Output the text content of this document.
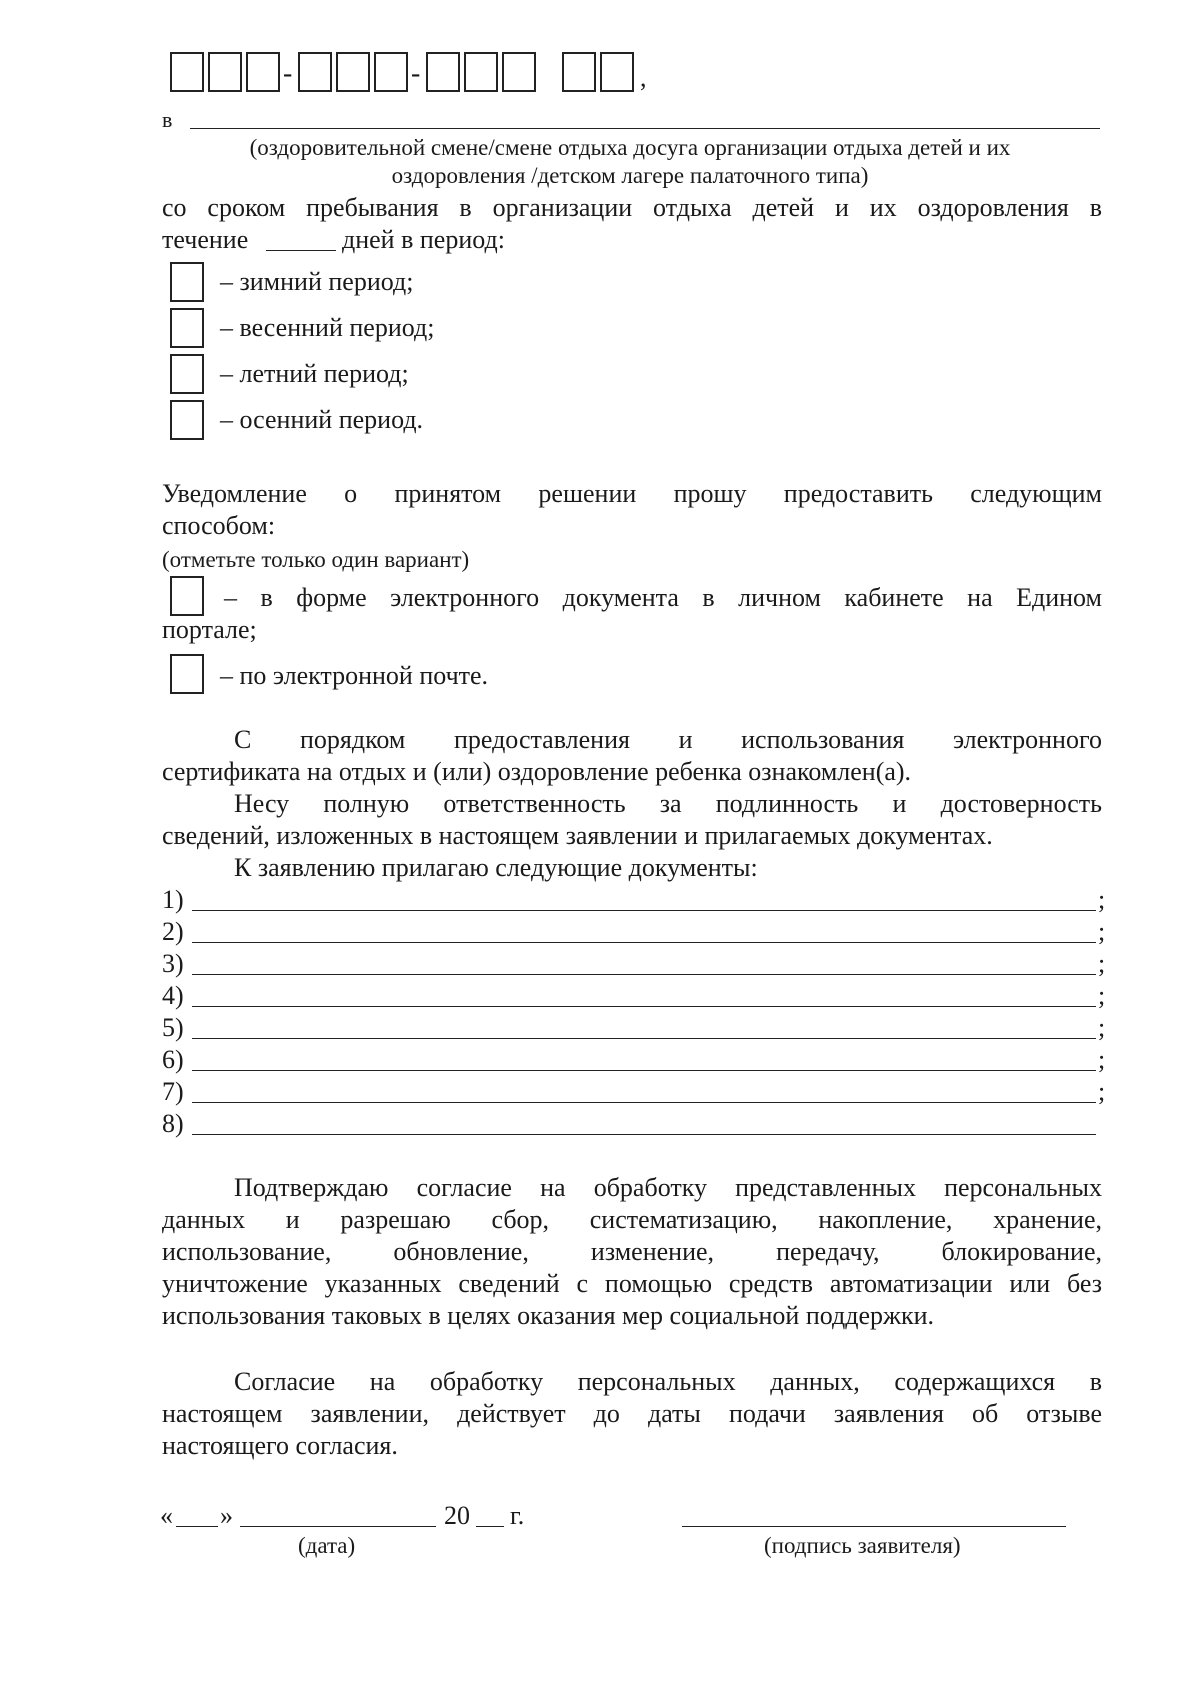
-	-	,
в
(оздоровительной смене/смене отдыха досуга организации отдыха детей и их
оздоровления /детском лагере палаточного типа)
со сроком пребывания в организации отдыха детей и их оздоровления в
течение	дней в период:
– зимний период;
– весенний период;
– летний период;
– осенний период.
Уведомление о принятом решении прошу предоставить следующим
способом:
(отметьте только один вариант)
– в форме электронного документа в личном кабинете на Едином
портале;
– по электронной почте.
С порядком предоставления и использования электронного
сертификата на отдых и (или) оздоровление ребенка ознакомлен(а).
Несу полную ответственность за подлинность и достоверность
сведений, изложенных в настоящем заявлении и прилагаемых документах.
К заявлению прилагаю следующие документы:
1)	;
2)	;
3)	;
4)	;
5)	;
6)	;
7)	;
8)
Подтверждаю согласие на обработку представленных персональных
данных и разрешаю сбор, систематизацию, накопление, хранение,
использование, обновление, изменение, передачу, блокирование,
уничтожение указанных сведений с помощью средств автоматизации или без
использования таковых в целях оказания мер социальной поддержки.
Согласие на обработку персональных данных, содержащихся в
настоящем заявлении, действует до даты подачи заявления об отзыве
настоящего согласия.
« »	20 г.
(дата)	(подпись заявителя)
